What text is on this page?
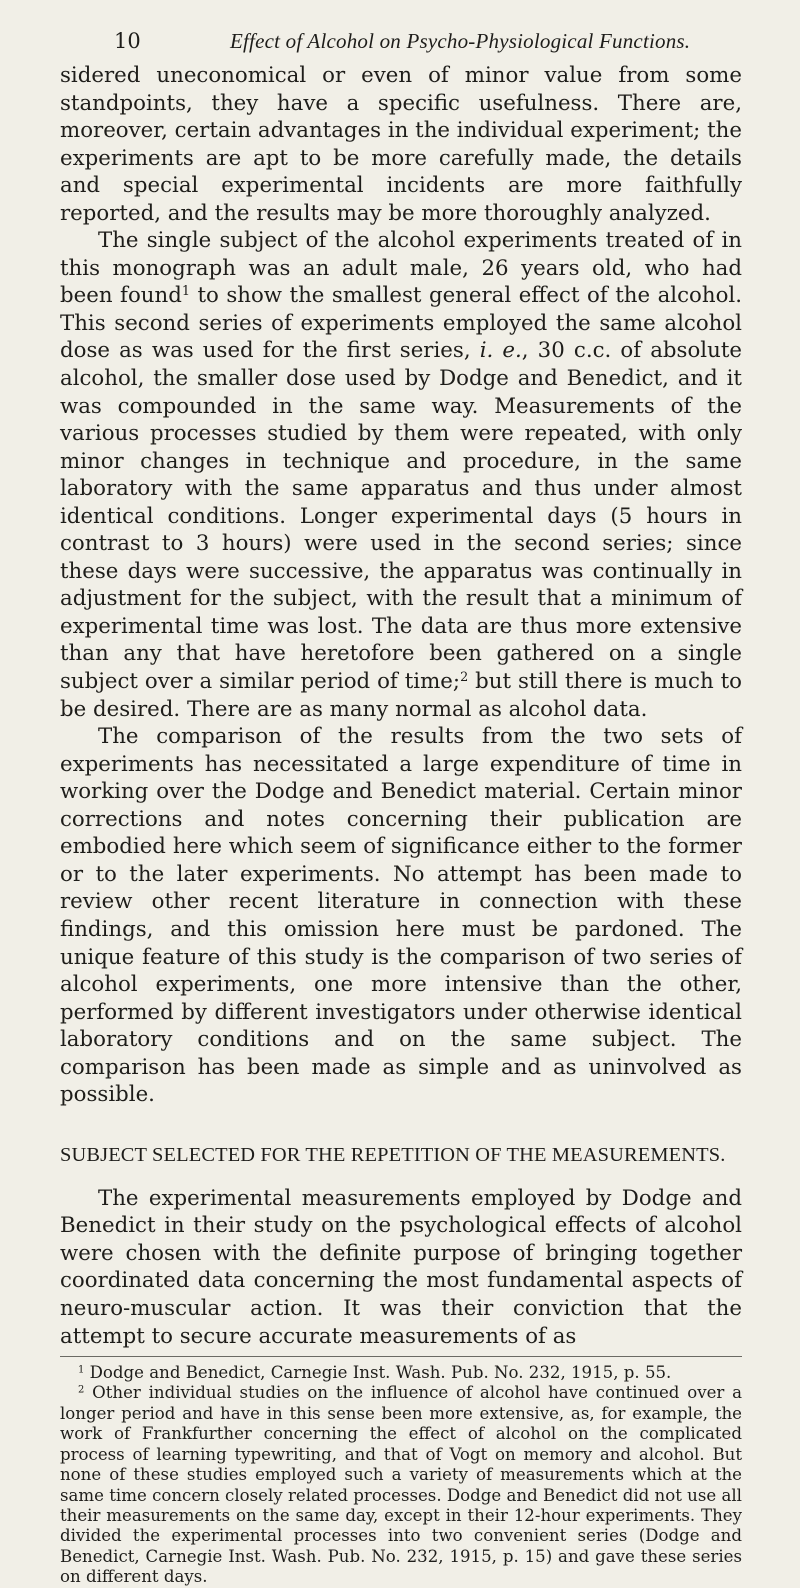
10	Effect of Alcohol on Psycho-Physiological Functions.

sidered uneconomical or even of minor value from some standpoints, they have a specific usefulness. There are, moreover, certain advantages in the individual experiment; the experiments are apt to be more carefully made, the details and special experimental incidents are more faithfully reported, and the results may be more thoroughly analyzed.

The single subject of the alcohol experiments treated of in this monograph was an adult male, 26 years old, who had been found$^1$ to show the smallest general effect of the alcohol. This second series of experiments employed the same alcohol dose as was used for the first series, i. e., 30 c.c. of absolute alcohol, the smaller dose used by Dodge and Benedict, and it was compounded in the same way. Measurements of the various processes studied by them were repeated, with only minor changes in technique and procedure, in the same laboratory with the same apparatus and thus under almost identical conditions. Longer experimental days (5 hours in contrast to 3 hours) were used in the second series; since these days were successive, the apparatus was continually in adjustment for the subject, with the result that a minimum of experimental time was lost. The data are thus more extensive than any that have heretofore been gathered on a single subject over a similar period of time;$^2$ but still there is much to be desired. There are as many normal as alcohol data.

The comparison of the results from the two sets of experiments has necessitated a large expenditure of time in working over the Dodge and Benedict material. Certain minor corrections and notes concerning their publication are embodied here which seem of significance either to the former or to the later experiments. No attempt has been made to review other recent literature in connection with these findings, and this omission here must be pardoned. The unique feature of this study is the comparison of two series of alcohol experiments, one more intensive than the other, performed by different investigators under otherwise identical laboratory conditions and on the same subject. The comparison has been made as simple and as uninvolved as possible.

SUBJECT SELECTED FOR THE REPETITION OF THE MEASUREMENTS.

The experimental measurements employed by Dodge and Benedict in their study on the psychological effects of alcohol were chosen with the definite purpose of bringing together coordinated data concerning the most fundamental aspects of neuro-muscular action. It was their conviction that the attempt to secure accurate measurements of as

$^1$ Dodge and Benedict, Carnegie Inst. Wash. Pub. No. 232, 1915, p. 55.

$^2$ Other individual studies on the influence of alcohol have continued over a longer period and have in this sense been more extensive, as, for example, the work of Frankfurther concerning the effect of alcohol on the complicated process of learning typewriting, and that of Vogt on memory and alcohol. But none of these studies employed such a variety of measurements which at the same time concern closely related processes. Dodge and Benedict did not use all their measurements on the same day, except in their 12-hour experiments. They divided the experimental processes into two convenient series (Dodge and Benedict, Carnegie Inst. Wash. Pub. No. 232, 1915, p. 15) and gave these series on different days.
